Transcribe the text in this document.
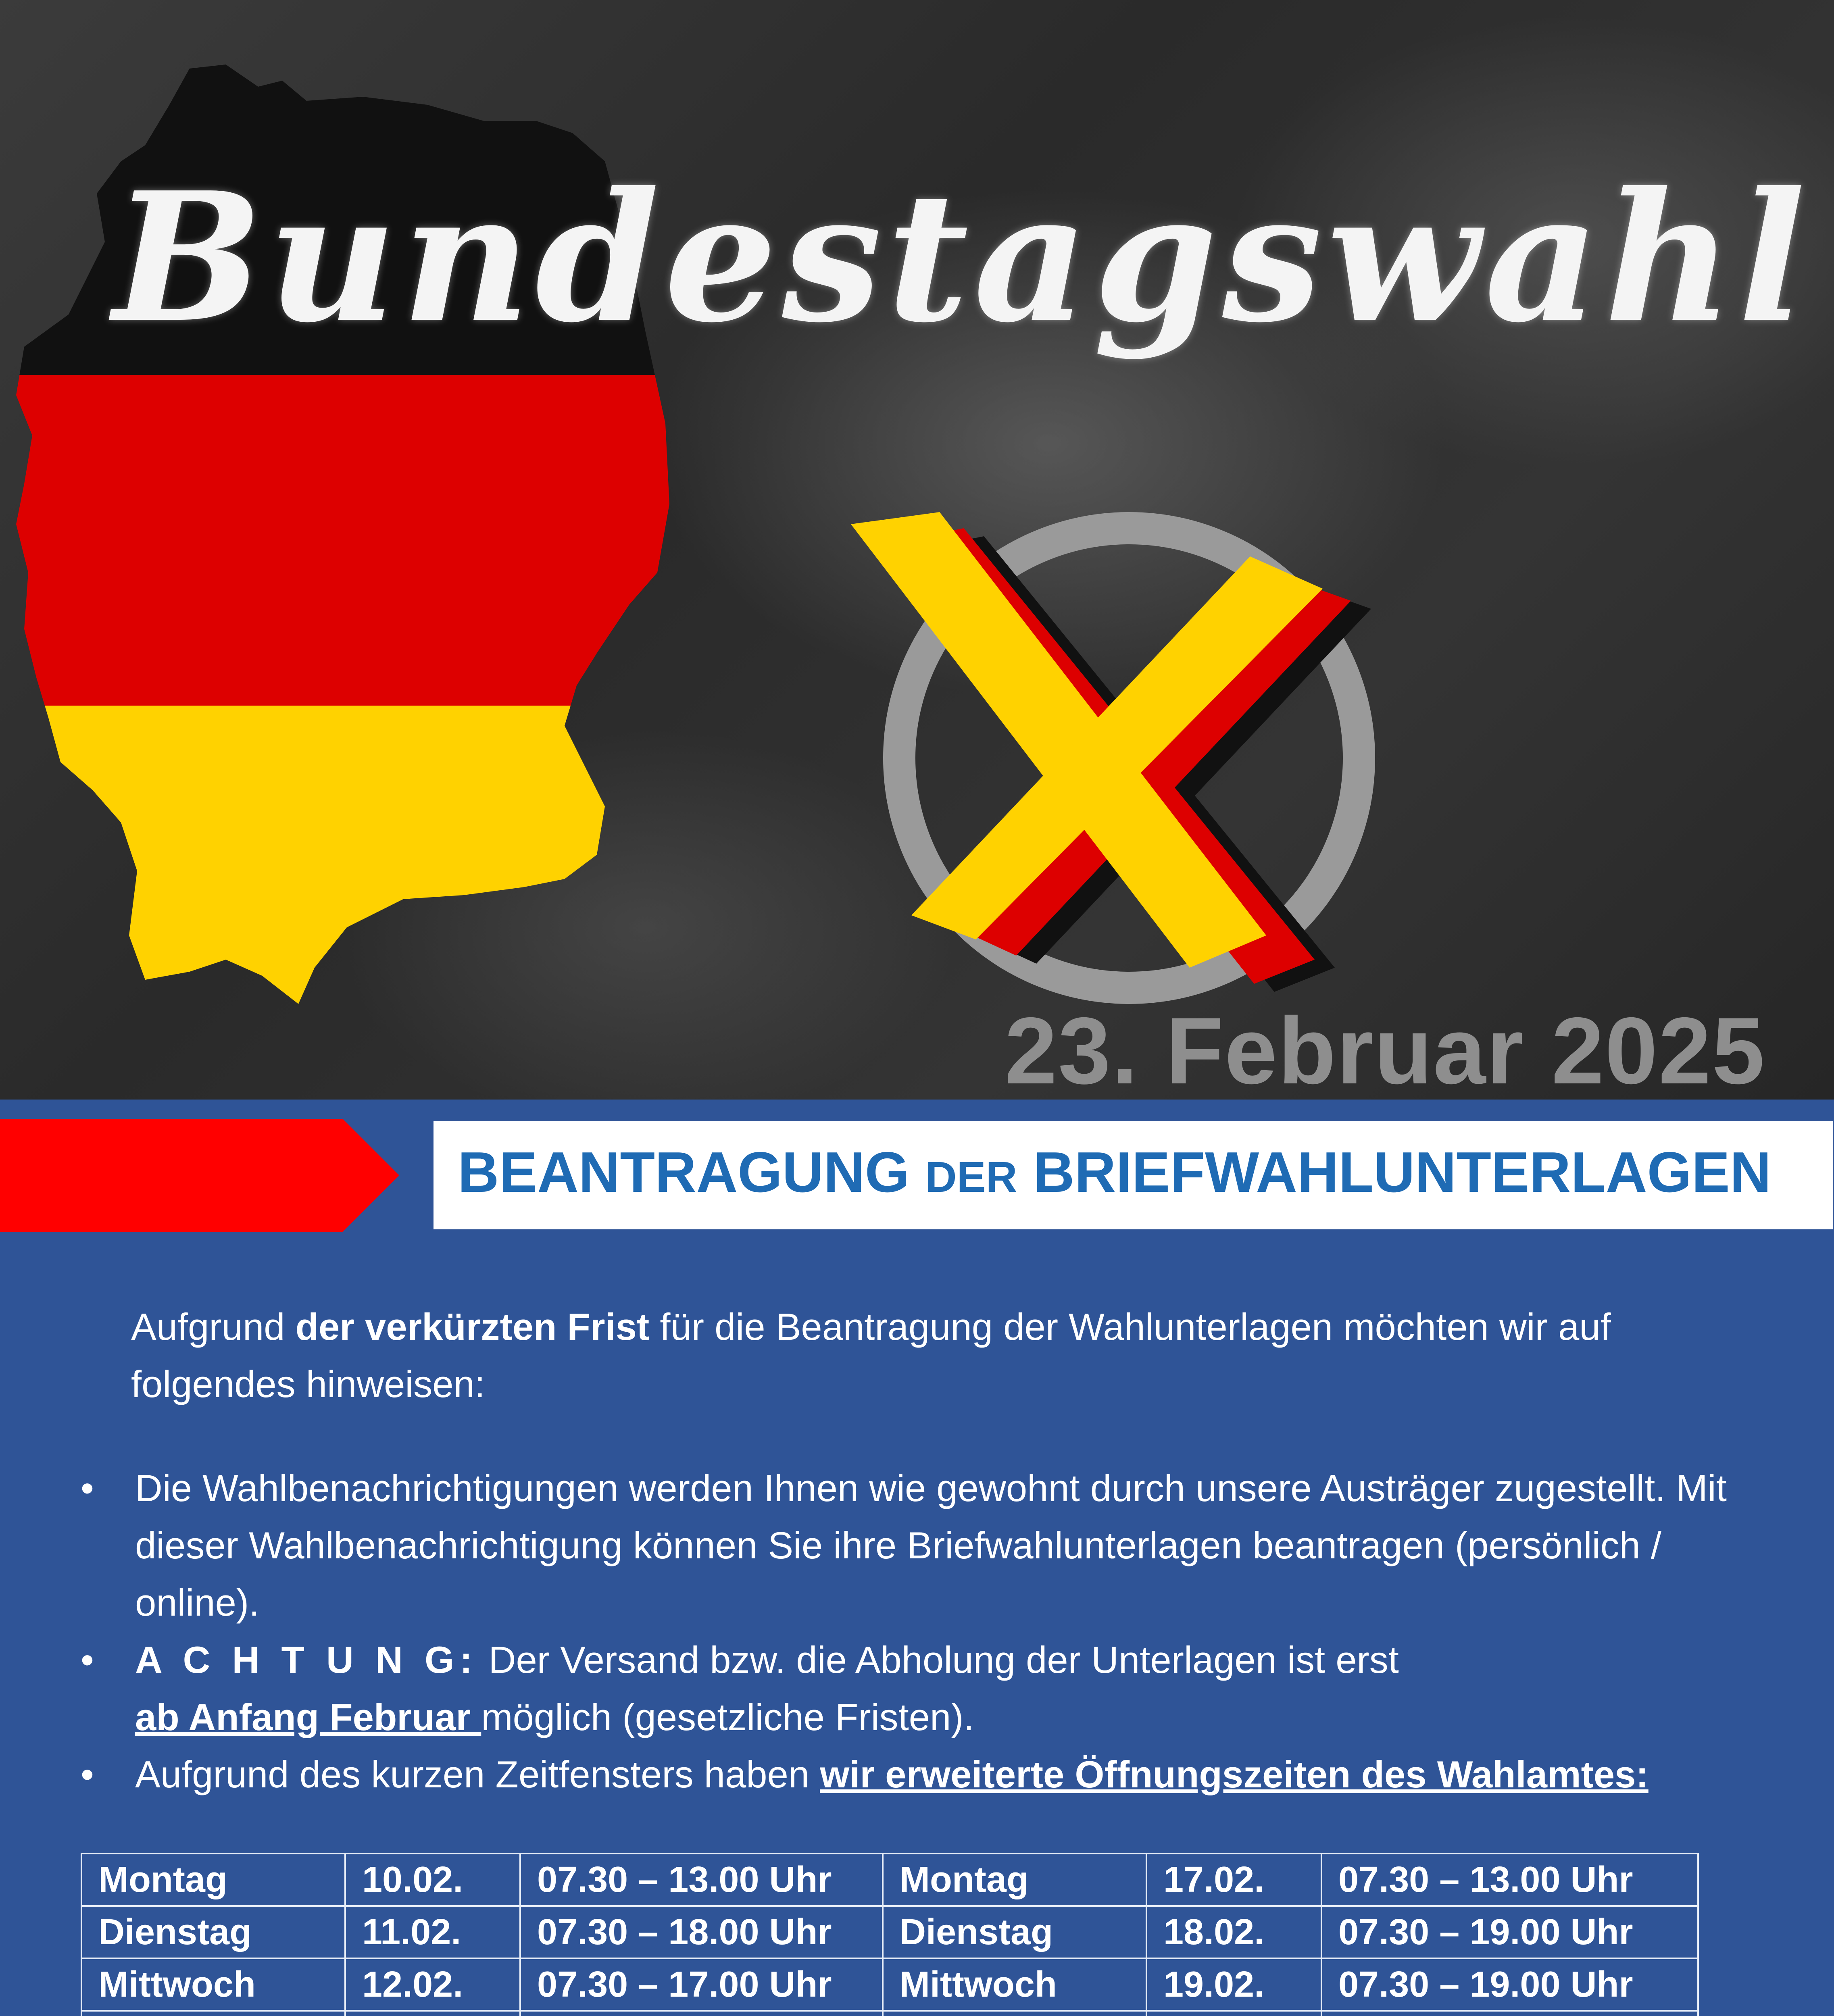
Bundestagswahl
23. Februar 2025
BEANTRAGUNG DER BRIEFWAHLUNTERLAGEN
Aufgrund der verkürzten Frist für die Beantragung der Wahlunterlagen möchten wir auf folgendes hinweisen:
• Die Wahlbenachrichtigungen werden Ihnen wie gewohnt durch unsere Austräger zugestellt. Mit dieser Wahlbenachrichtigung können Sie ihre Briefwahlunterlagen beantragen (persönlich / online).
• A C H T U N G: Der Versand bzw. die Abholung der Unterlagen ist erst
ab Anfang Februar möglich (gesetzliche Fristen).
• Aufgrund des kurzen Zeitfensters haben wir erweiterte Öffnungszeiten des Wahlamtes:
Montag	10.02.	07.30 – 13.00 Uhr	Montag	17.02.	07.30 – 13.00 Uhr
Dienstag	11.02.	07.30 – 18.00 Uhr	Dienstag	18.02.	07.30 – 19.00 Uhr
Mittwoch	12.02.	07.30 – 17.00 Uhr	Mittwoch	19.02.	07.30 – 19.00 Uhr
